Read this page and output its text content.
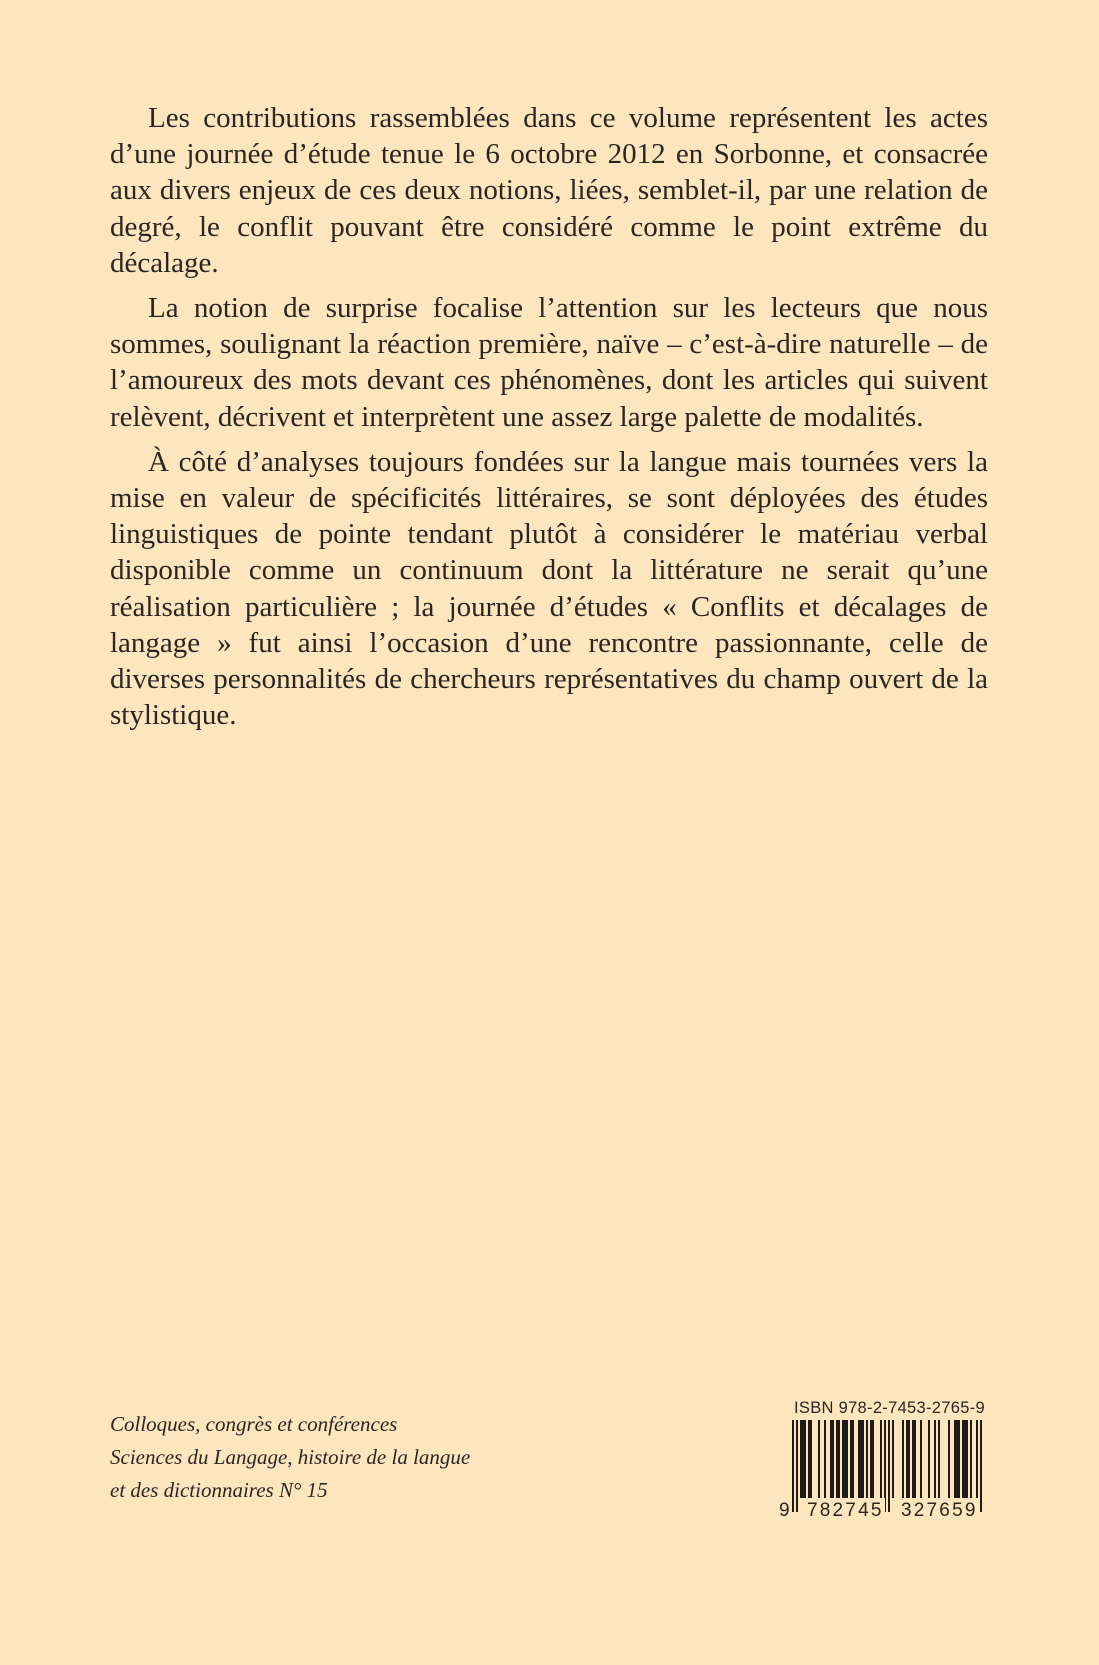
Les contributions rassemblées dans ce volume représentent les actes d’une journée d’étude tenue le 6 octobre 2012 en Sorbonne, et consacrée aux divers enjeux de ces deux notions, liées, semblet-il, par une relation de degré, le conflit pouvant être considéré comme le point extrême du décalage.

La notion de surprise focalise l’attention sur les lecteurs que nous sommes, soulignant la réaction première, naïve – c’est-à-dire naturelle – de l’amoureux des mots devant ces phénomènes, dont les articles qui suivent relèvent, décrivent et interprètent une assez large palette de modalités.

À côté d’analyses toujours fondées sur la langue mais tournées vers la mise en valeur de spécificités littéraires, se sont déployées des études linguistiques de pointe tendant plutôt à considérer le matériau verbal disponible comme un continuum dont la littérature ne serait qu’une réalisation particulière ; la journée d’études « Conflits et décalages de langage » fut ainsi l’occasion d’une rencontre passionnante, celle de diverses personnalités de chercheurs représentatives du champ ouvert de la stylistique.

Colloques, congrès et conférences
Sciences du Langage, histoire de la langue
et des dictionnaires N° 15
ISBN 978-2-7453-2765-9
9 782745 327659
